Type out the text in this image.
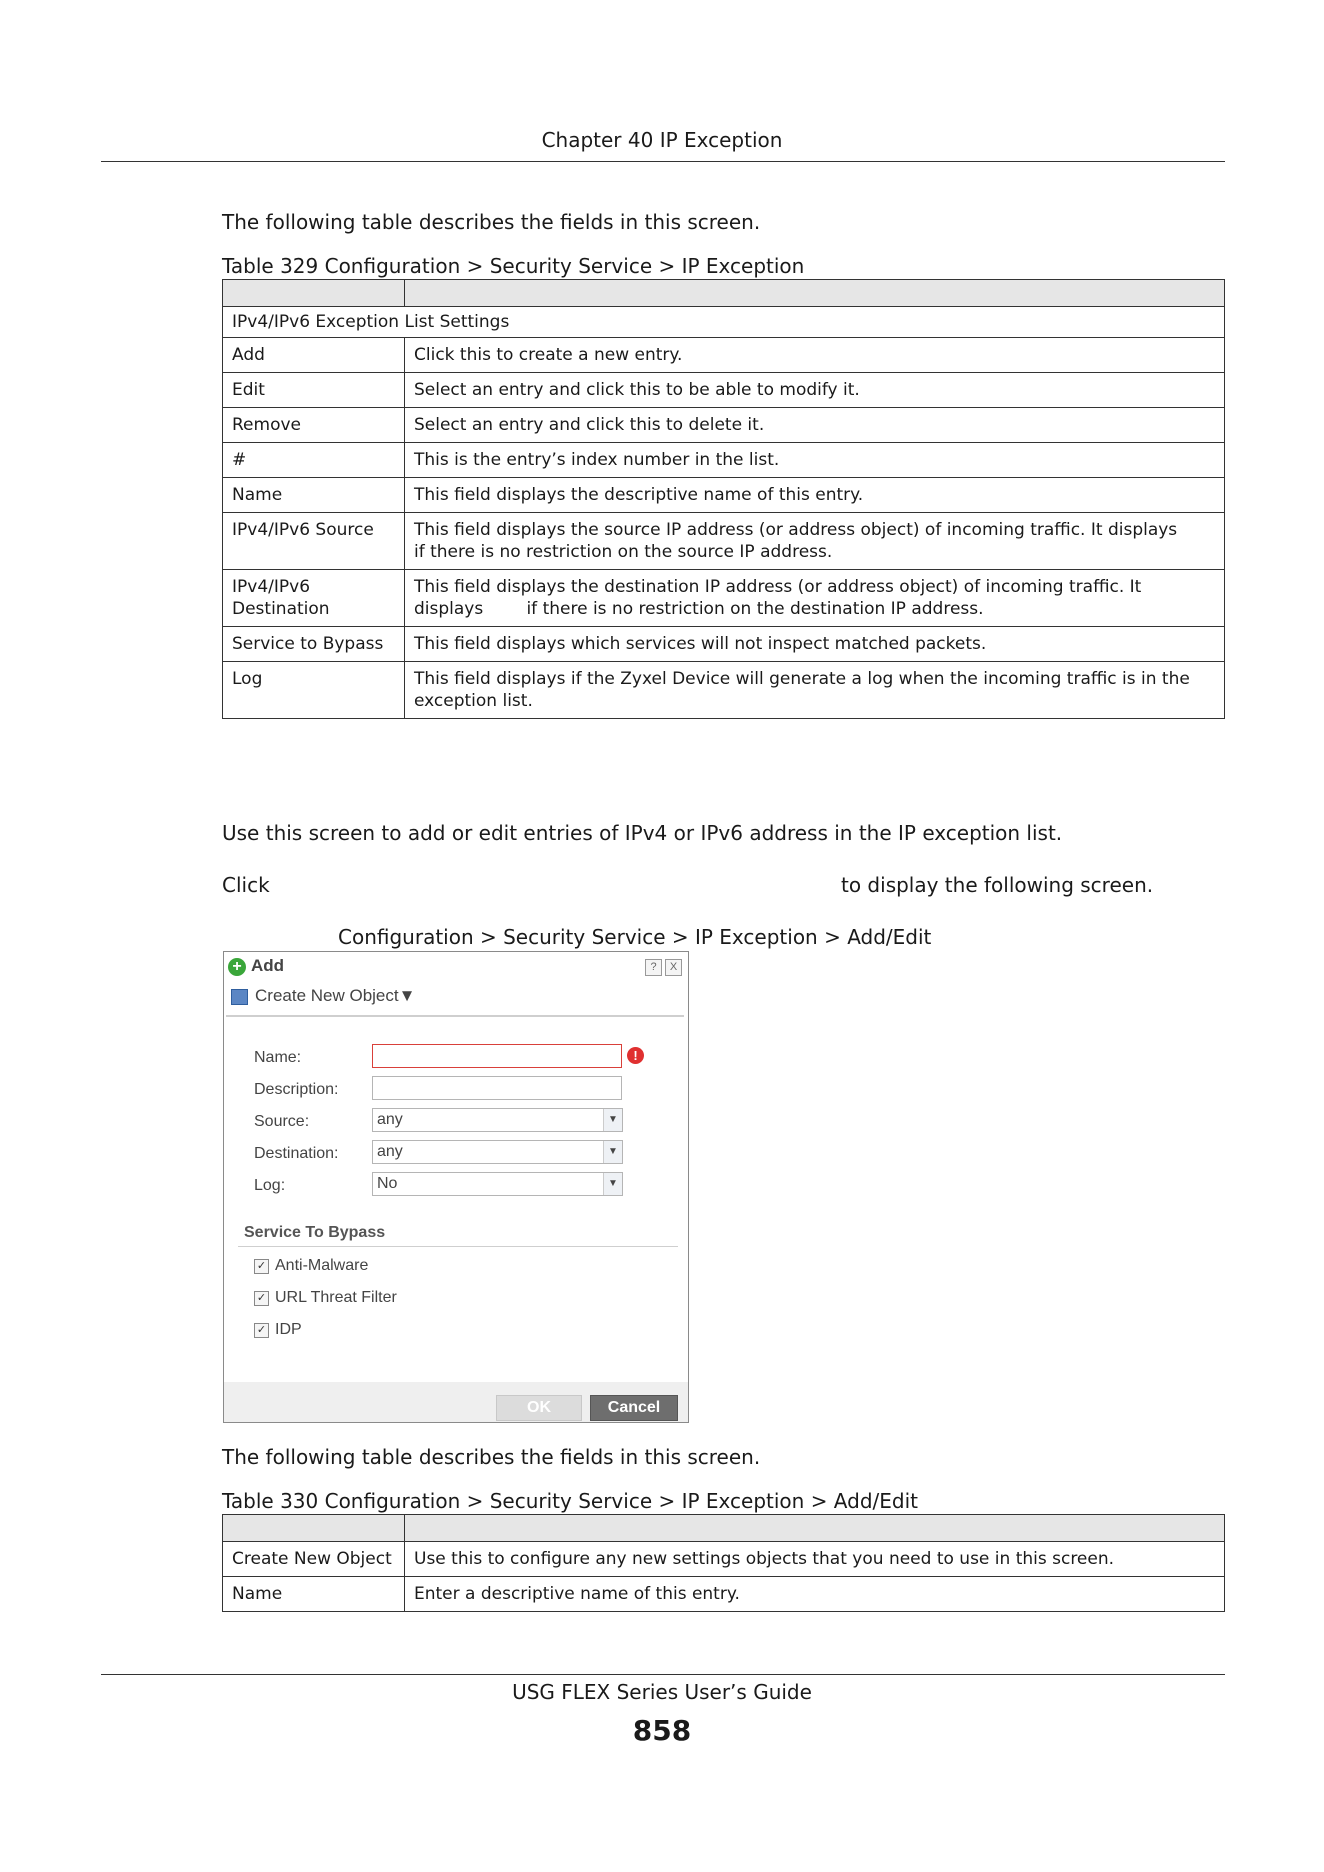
Chapter 40 IP Exception
The following table describes the fields in this screen.
Table 329 Configuration > Security Service > IP Exception

IPv4/IPv6 Exception List Settings	
Add	Click this to create a new entry.
Edit	Select an entry and click this to be able to modify it.
Remove	Select an entry and click this to delete it.
#	This is the entry’s index number in the list.
Name	This field displays the descriptive name of this entry.
IPv4/IPv6 Source	This field displays the source IP address (or address object) of incoming traffic. It displays        if there is no restriction on the source IP address.
IPv4/IPv6 Destination	This field displays the destination IP address (or address object) of incoming traffic. It displays        if there is no restriction on the destination IP address.
Service to Bypass	This field displays which services will not inspect matched packets.
Log	This field displays if the Zyxel Device will generate a log when the incoming traffic is in the exception list.
Use this screen to add or edit entries of IPv4 or IPv6 address in the IP exception list.
Click	to display the following screen.
Configuration > Security Service > IP Exception > Add/Edit
+ Add	?	X
Create New Object▼
Name:	!
Description:
Source:	any	▼
Destination:	any	▼
Log:	No	▼
Service To Bypass
✓ Anti-Malware
✓ URL Threat Filter
✓ IDP
OK	Cancel
The following table describes the fields in this screen.
Table 330 Configuration > Security Service > IP Exception > Add/Edit

Create New Object	Use this to configure any new settings objects that you need to use in this screen.
Name	Enter a descriptive name of this entry.
USG FLEX Series User’s Guide
858
